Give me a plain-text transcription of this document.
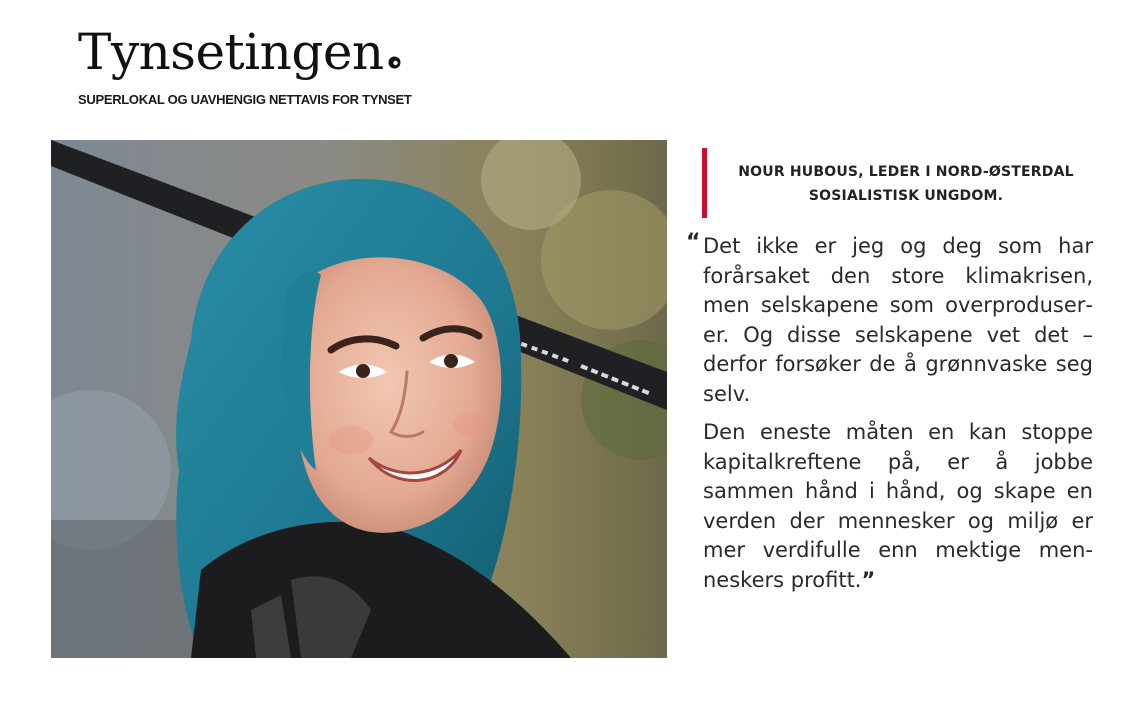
Tynsetingen
SUPERLOKAL OG UAVHENGIG NETTAVIS FOR TYNSET
NOUR HUBOUS, LEDER I NORD-ØSTERDAL
SOSIALISTISK UNGDOM.
“ Det ikke er jeg og deg som har forårsaket den store klimakrisen, men selskapene som overproduserer. Og disse selskapene vet det – derfor forsøker de å grønnvaske seg selv.

Den eneste måten en kan stoppe kapitalkreftene på, er å jobbe sammen hånd i hånd, og skape en verden der mennesker og miljø er mer verdifulle enn mektige menneskers profitt.”
